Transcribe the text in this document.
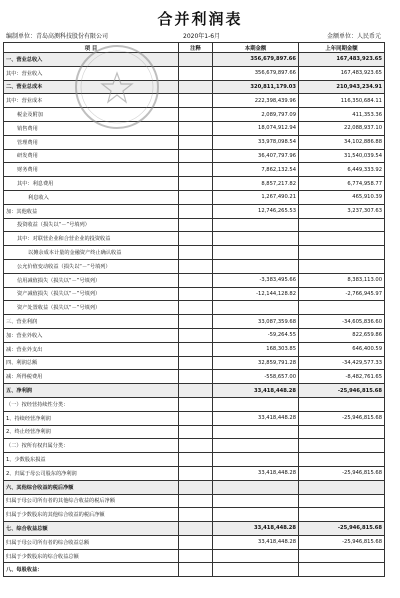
合并利润表
编制单位：青岛高测科技股份有限公司	2020年1-6月	金额单位：人民币元
项 目	注释	本期金额	上年同期金额
一、营业总收入		356,679,897.66	167,483,923.65
其中：营业收入		356,679,897.66	167,483,923.65
二、营业总成本		320,811,179.03	210,943,234.91
其中：营业成本		222,398,439.96	116,350,684.11
税金及附加		2,089,797.09	411,353.36
销售费用		18,074,912.94	22,088,937.10
管理费用		33,978,098.54	34,102,886.88
研发费用		36,407,797.96	31,540,039.54
财务费用		7,862,132.54	6,449,333.92
其中：利息费用		8,857,217.82	6,774,958.77
利息收入		1,267,490.21	465,910.39
加：其他收益		12,746,265.53	3,237,307.63
投资收益（损失以“－”号填列）			
其中：对联营企业和合营企业的投资收益			
以摊余成本计量的金融资产终止确认收益			
公允价值变动收益（损失以“－”号填列）			
信用减值损失（损失以“－”号填列）		-3,383,495.66	8,383,113.00
资产减值损失（损失以“－”号填列）		-12,144,128.82	-2,766,945.97
资产处置收益（损失以“－”号填列）			
三、营业利润		33,087,359.68	-34,605,836.60
加：营业外收入		-59,264.55	822,659.86
减：营业外支出		168,303.85	646,400.59
四、利润总额		32,859,791.28	-34,429,577.33
减：所得税费用		-558,657.00	-8,482,761.65
五、净利润		33,418,448.28	-25,946,815.68
（一）按经营持续性分类：			
1、持续经营净利润		33,418,448.28	-25,946,815.68
2、终止经营净利润			
（二）按所有权归属分类：			
1、少数股东损益			
2、归属于母公司股东的净利润		33,418,448.28	-25,946,815.68
六、其他综合收益的税后净额			
归属于母公司所有者的其他综合收益的税后净额			
归属于少数股东的其他综合收益的税后净额			
七、综合收益总额		33,418,448.28	-25,946,815.68
归属于母公司所有者的综合收益总额		33,418,448.28	-25,946,815.68
归属于少数股东的综合收益总额			
八、每股收益：			
